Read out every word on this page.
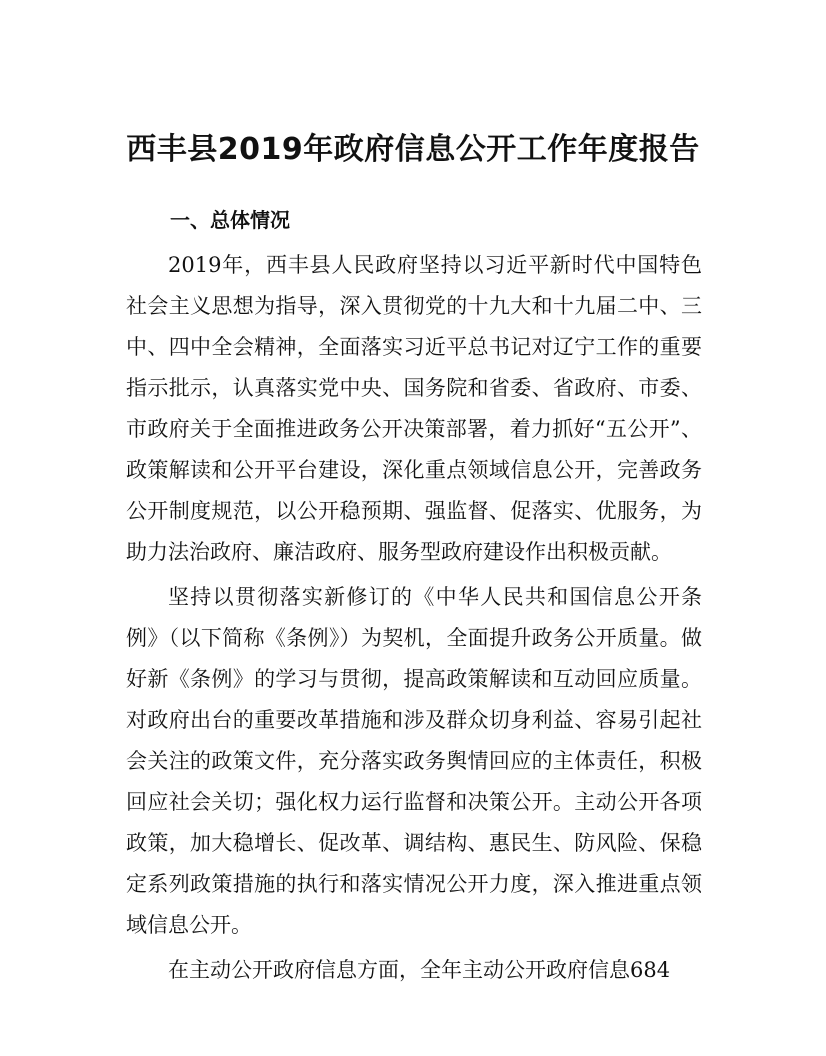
西丰县2019年政府信息公开工作年度报告
一、总体情况

2019年，西丰县人民政府坚持以习近平新时代中国特色社会主义思想为指导，深入贯彻党的十九大和十九届二中、三中、四中全会精神，全面落实习近平总书记对辽宁工作的重要指示批示，认真落实党中央、国务院和省委、省政府、市委、市政府关于全面推进政务公开决策部署，着力抓好“五公开”、政策解读和公开平台建设，深化重点领域信息公开，完善政务公开制度规范，以公开稳预期、强监督、促落实、优服务，为助力法治政府、廉洁政府、服务型政府建设作出积极贡献。

坚持以贯彻落实新修订的《中华人民共和国信息公开条例》（以下简称《条例》）为契机，全面提升政务公开质量。做好新《条例》的学习与贯彻，提高政策解读和互动回应质量。对政府出台的重要改革措施和涉及群众切身利益、容易引起社会关注的政策文件，充分落实政务舆情回应的主体责任，积极回应社会关切；强化权力运行监督和决策公开。主动公开各项政策，加大稳增长、促改革、调结构、惠民生、防风险、保稳定系列政策措施的执行和落实情况公开力度，深入推进重点领域信息公开。

在主动公开政府信息方面，全年主动公开政府信息684
